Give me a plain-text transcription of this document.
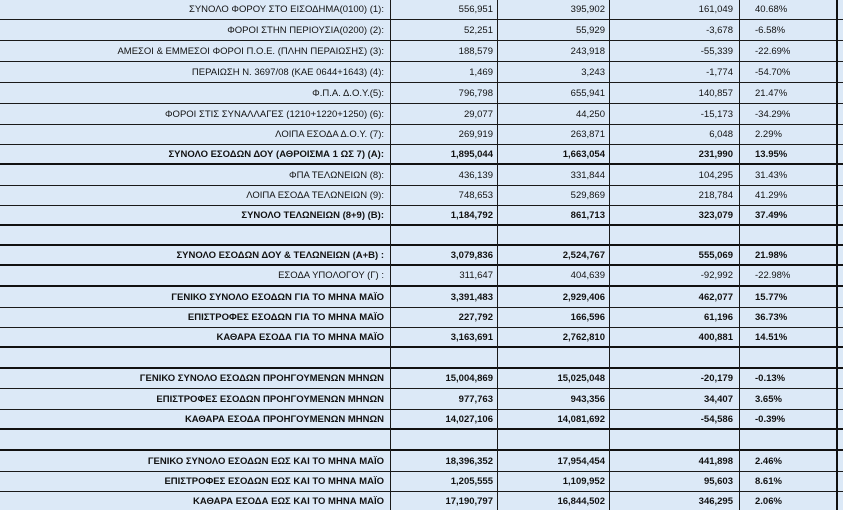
ΚΑΘΑΡΑ ΕΣΟΔΑ ΕΩΣ ΚΑΙ ΤΟ ΜΗΝΑ ΜΑΪΟ	17,190,797	16,844,502	346,295	2.06%
ΕΠΙΣΤΡΟΦΕΣ ΕΣΟΔΩΝ ΕΩΣ ΚΑΙ ΤΟ ΜΗΝΑ ΜΑΪΟ	1,205,555	1,109,952	95,603	8.61%
ΓΕΝΙΚΟ ΣΥΝΟΛΟ ΕΣΟΔΩΝ ΕΩΣ ΚΑΙ ΤΟ ΜΗΝΑ ΜΑΪΟ	18,396,352	17,954,454	441,898	2.46%
ΚΑΘΑΡΑ ΕΣΟΔΑ ΠΡΟΗΓΟΥΜΕΝΩΝ ΜΗΝΩΝ	14,027,106	14,081,692	-54,586	-0.39%
ΕΠΙΣΤΡΟΦΕΣ ΕΣΟΔΩΝ ΠΡΟΗΓΟΥΜΕΝΩΝ ΜΗΝΩΝ	977,763	943,356	34,407	3.65%
ΓΕΝΙΚΟ ΣΥΝΟΛΟ ΕΣΟΔΩΝ ΠΡΟΗΓΟΥΜΕΝΩΝ ΜΗΝΩΝ	15,004,869	15,025,048	-20,179	-0.13%
ΚΑΘΑΡΑ ΕΣΟΔΑ ΓΙΑ ΤΟ ΜΗΝΑ ΜΑΪΟ	3,163,691	2,762,810	400,881	14.51%
ΕΠΙΣΤΡΟΦΕΣ ΕΣΟΔΩΝ ΓΙΑ ΤΟ ΜΗΝΑ ΜΑΪΟ	227,792	166,596	61,196	36.73%
ΓΕΝΙΚΟ ΣΥΝΟΛΟ ΕΣΟΔΩΝ ΓΙΑ ΤΟ ΜΗΝΑ ΜΑΪΟ	3,391,483	2,929,406	462,077	15.77%
ΕΣΟΔΑ ΥΠΟΛΟΓΟΥ (Γ) :	311,647	404,639	-92,992	-22.98%
ΣΥΝΟΛΟ ΕΣΟΔΩΝ ΔΟΥ & ΤΕΛΩΝΕΙΩΝ (Α+Β) :	3,079,836	2,524,767	555,069	21.98%
ΣΥΝΟΛΟ ΤΕΛΩΝΕΙΩΝ (8+9) (Β):	1,184,792	861,713	323,079	37.49%
ΛΟΙΠΑ ΕΣΟΔΑ ΤΕΛΩΝΕΙΩΝ (9):	748,653	529,869	218,784	41.29%
ΦΠΑ ΤΕΛΩΝΕΙΩΝ (8):	436,139	331,844	104,295	31.43%
ΣΥΝΟΛΟ ΕΣΟΔΩΝ ΔΟΥ (ΑΘΡΟΙΣΜΑ 1 ΩΣ 7) (Α):	1,895,044	1,663,054	231,990	13.95%
ΛΟΙΠΑ ΕΣΟΔΑ Δ.Ο.Υ. (7):	269,919	263,871	6,048	2.29%
ΦΟΡΟΙ ΣΤΙΣ ΣΥΝΑΛΛΑΓΕΣ (1210+1220+1250) (6):	29,077	44,250	-15,173	-34.29%
Φ.Π.Α. Δ.Ο.Υ.(5):	796,798	655,941	140,857	21.47%
ΠΕΡΑΙΩΣΗ Ν. 3697/08 (ΚΑΕ 0644+1643) (4):	1,469	3,243	-1,774	-54.70%
ΑΜΕΣΟΙ & ΕΜΜΕΣΟΙ ΦΟΡΟΙ Π.Ο.Ε. (ΠΛΗΝ ΠΕΡΑΙΩΣΗΣ) (3):	188,579	243,918	-55,339	-22.69%
ΦΟΡΟΙ ΣΤΗΝ ΠΕΡΙΟΥΣΙΑ(0200) (2):	52,251	55,929	-3,678	-6.58%
ΣΥΝΟΛΟ ΦΟΡΟΥ ΣΤΟ ΕΙΣΟΔΗΜΑ(0100) (1):	556,951	395,902	161,049	40.68%
